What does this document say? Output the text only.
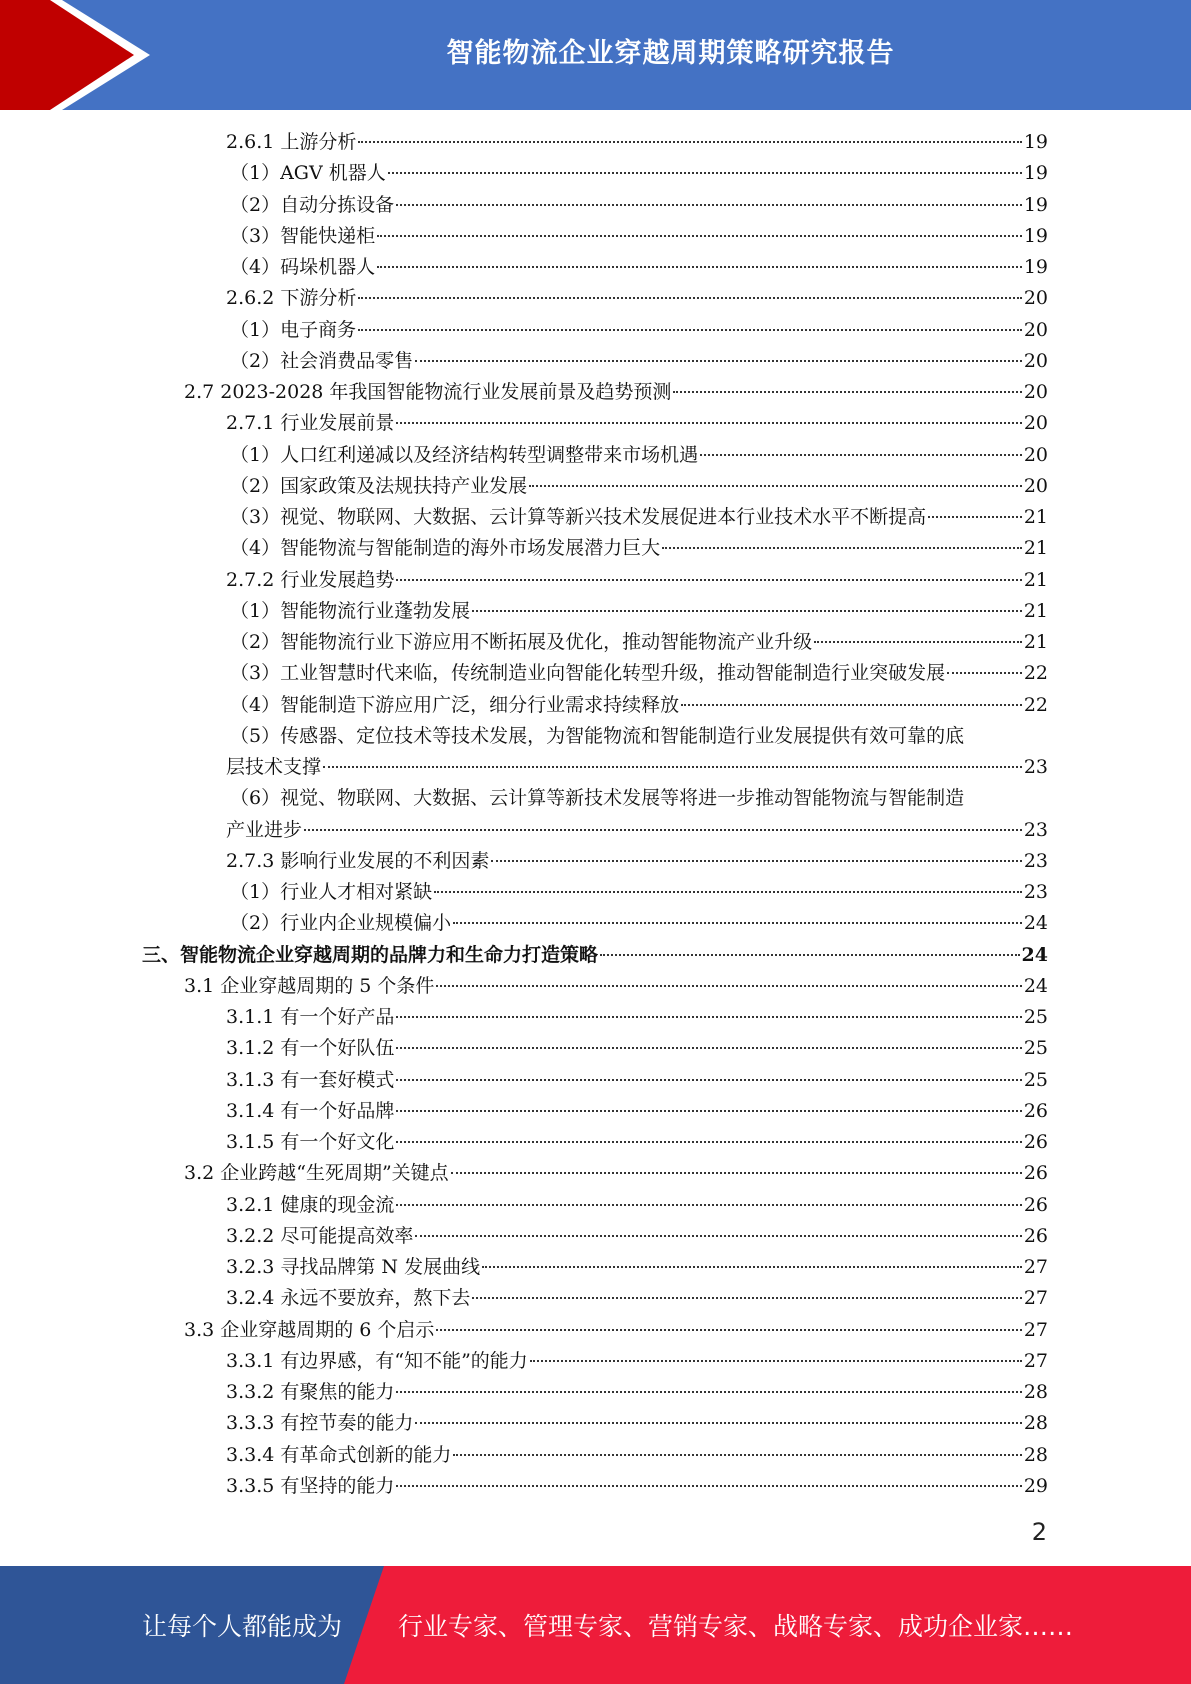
智能物流企业穿越周期策略研究报告
2.6.1 上游分析	19
（1）AGV 机器人	19
（2）自动分拣设备	19
（3）智能快递柜	19
（4）码垛机器人	19
2.6.2 下游分析	20
（1）电子商务	20
（2）社会消费品零售	20
2.7 2023-2028 年我国智能物流行业发展前景及趋势预测	20
2.7.1 行业发展前景	20
（1）人口红利递减以及经济结构转型调整带来市场机遇	20
（2）国家政策及法规扶持产业发展	20
（3）视觉、物联网、大数据、云计算等新兴技术发展促进本行业技术水平不断提高	21
（4）智能物流与智能制造的海外市场发展潜力巨大	21
2.7.2 行业发展趋势	21
（1）智能物流行业蓬勃发展	21
（2）智能物流行业下游应用不断拓展及优化，推动智能物流产业升级	21
（3）工业智慧时代来临，传统制造业向智能化转型升级，推动智能制造行业突破发展	22
（4）智能制造下游应用广泛，细分行业需求持续释放	22
（5）传感器、定位技术等技术发展，为智能物流和智能制造行业发展提供有效可靠的底
层技术支撑	23
（6）视觉、物联网、大数据、云计算等新技术发展等将进一步推动智能物流与智能制造
产业进步	23
2.7.3 影响行业发展的不利因素	23
（1）行业人才相对紧缺	23
（2）行业内企业规模偏小	24
三、智能物流企业穿越周期的品牌力和生命力打造策略	24
3.1 企业穿越周期的 5 个条件	24
3.1.1 有一个好产品	25
3.1.2 有一个好队伍	25
3.1.3 有一套好模式	25
3.1.4 有一个好品牌	26
3.1.5 有一个好文化	26
3.2 企业跨越“生死周期”关键点	26
3.2.1 健康的现金流	26
3.2.2 尽可能提高效率	26
3.2.3 寻找品牌第 N 发展曲线	27
3.2.4 永远不要放弃，熬下去	27
3.3 企业穿越周期的 6 个启示	27
3.3.1 有边界感，有“知不能”的能力	27
3.3.2 有聚焦的能力	28
3.3.3 有控节奏的能力	28
3.3.4 有革命式创新的能力	28
3.3.5 有坚持的能力	29
2
让每个人都能成为 行业专家、管理专家、营销专家、战略专家、成功企业家……
